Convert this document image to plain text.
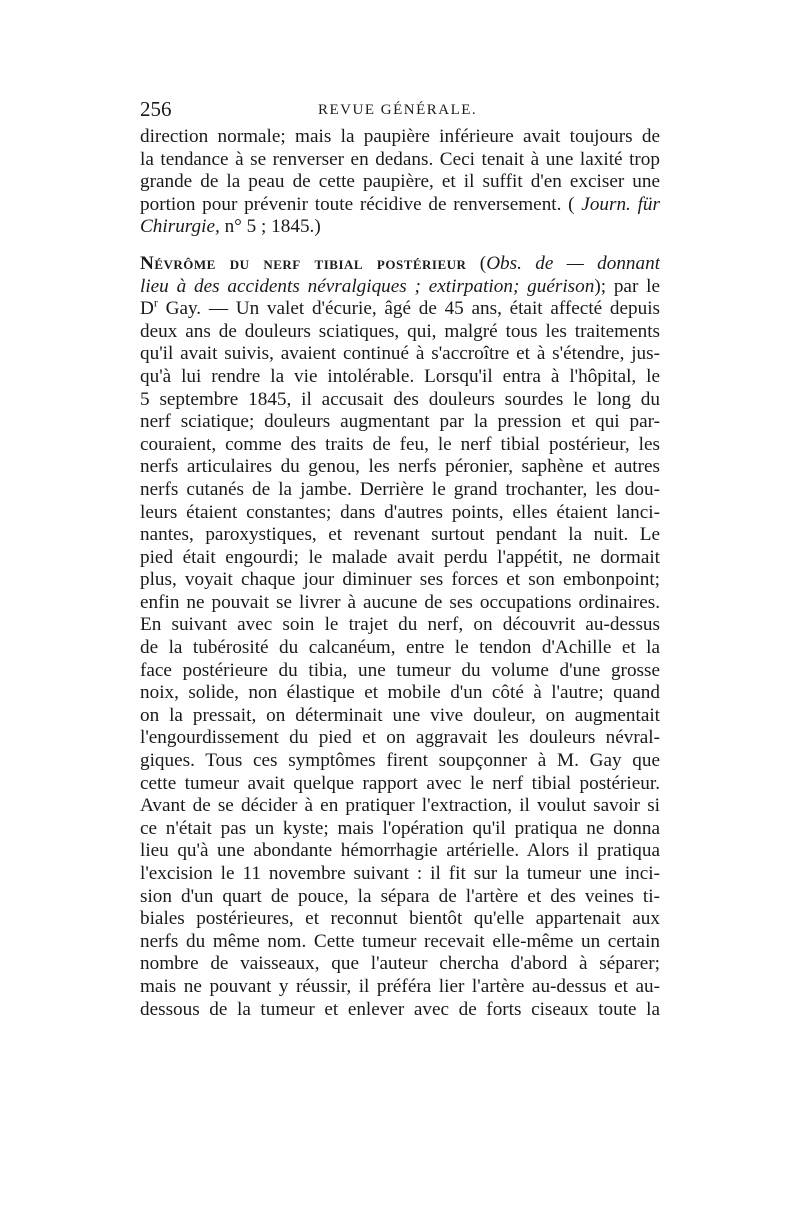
256	REVUE GÉNÉRALE.
direction normale; mais la paupière inférieure avait toujours de
la tendance à se renverser en dedans. Ceci tenait à une laxité trop
grande de la peau de cette paupière, et il suffit d'en exciser une
portion pour prévenir toute récidive de renversement. ( Journ. für
Chirurgie, n° 5 ; 1845.)
Névrôme du nerf tibial postérieur (Obs. de — donnant
lieu à des accidents névralgiques ; extirpation; guérison); par le
$D^r$ Gay. — Un valet d'écurie, âgé de 45 ans, était affecté depuis
deux ans de douleurs sciatiques, qui, malgré tous les traitements
qu'il avait suivis, avaient continué à s'accroître et à s'étendre, jus-
qu'à lui rendre la vie intolérable. Lorsqu'il entra à l'hôpital, le
5 septembre 1845, il accusait des douleurs sourdes le long du
nerf sciatique; douleurs augmentant par la pression et qui par-
couraient, comme des traits de feu, le nerf tibial postérieur, les
nerfs articulaires du genou, les nerfs péronier, saphène et autres
nerfs cutanés de la jambe. Derrière le grand trochanter, les dou-
leurs étaient constantes; dans d'autres points, elles étaient lanci-
nantes, paroxystiques, et revenant surtout pendant la nuit. Le
pied était engourdi; le malade avait perdu l'appétit, ne dormait
plus, voyait chaque jour diminuer ses forces et son embonpoint;
enfin ne pouvait se livrer à aucune de ses occupations ordinaires.
En suivant avec soin le trajet du nerf, on découvrit au-dessus
de la tubérosité du calcanéum, entre le tendon d'Achille et la
face postérieure du tibia, une tumeur du volume d'une grosse
noix, solide, non élastique et mobile d'un côté à l'autre; quand
on la pressait, on déterminait une vive douleur, on augmentait
l'engourdissement du pied et on aggravait les douleurs névral-
giques. Tous ces symptômes firent soupçonner à M. Gay que
cette tumeur avait quelque rapport avec le nerf tibial postérieur.
Avant de se décider à en pratiquer l'extraction, il voulut savoir si
ce n'était pas un kyste; mais l'opération qu'il pratiqua ne donna
lieu qu'à une abondante hémorrhagie artérielle. Alors il pratiqua
l'excision le 11 novembre suivant : il fit sur la tumeur une inci-
sion d'un quart de pouce, la sépara de l'artère et des veines ti-
biales postérieures, et reconnut bientôt qu'elle appartenait aux
nerfs du même nom. Cette tumeur recevait elle-même un certain
nombre de vaisseaux, que l'auteur chercha d'abord à séparer;
mais ne pouvant y réussir, il préféra lier l'artère au-dessus et au-
dessous de la tumeur et enlever avec de forts ciseaux toute la
